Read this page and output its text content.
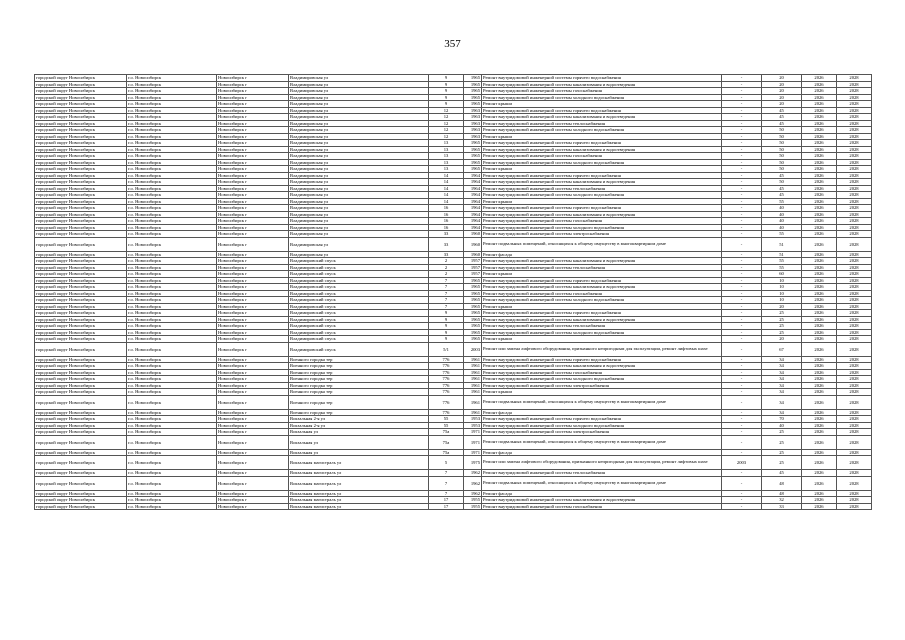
357
городской округ Новосибирск	г.о. Новосибирск	Новосибирск г	Владимировская ул	9	1965	Ремонт внутридомовой инженерной системы горячего водоснабжения	-	20	2026	2028
городской округ Новосибирск	г.о. Новосибирск	Новосибирск г	Владимировская ул	9	1965	Ремонт внутридомовой инженерной системы канализования и водоотведения	-	20	2026	2028
городской округ Новосибирск	г.о. Новосибирск	Новосибирск г	Владимировская ул	9	1965	Ремонт внутридомовой инженерной системы газоснабжения	-	20	2026	2028
городской округ Новосибирск	г.о. Новосибирск	Новосибирск г	Владимировская ул	9	1965	Ремонт внутридомовой инженерной системы холодного водоснабжения	-	20	2026	2028
городской округ Новосибирск	г.о. Новосибирск	Новосибирск г	Владимировская ул	9	1965	Ремонт крыши	-	20	2026	2028
городской округ Новосибирск	г.о. Новосибирск	Новосибирск г	Владимировская ул	12	1963	Ремонт внутридомовой инженерной системы горячего водоснабжения	-	45	2026	2028
городской округ Новосибирск	г.о. Новосибирск	Новосибирск г	Владимировская ул	12	1963	Ремонт внутридомовой инженерной системы канализования и водоотведения	-	45	2026	2028
городской округ Новосибирск	г.о. Новосибирск	Новосибирск г	Владимировская ул	12	1963	Ремонт внутридомовой инженерной системы теплоснабжения	-	45	2026	2028
городской округ Новосибирск	г.о. Новосибирск	Новосибирск г	Владимировская ул	12	1963	Ремонт внутридомовой инженерной системы холодного водоснабжения	-	50	2026	2028
городской округ Новосибирск	г.о. Новосибирск	Новосибирск г	Владимировская ул	12	1963	Ремонт крыши	-	50	2026	2028
городской округ Новосибирск	г.о. Новосибирск	Новосибирск г	Владимировская ул	13	1965	Ремонт внутридомовой инженерной системы горячего водоснабжения	-	50	2026	2028
городской округ Новосибирск	г.о. Новосибирск	Новосибирск г	Владимировская ул	13	1965	Ремонт внутридомовой инженерной системы канализования и водоотведения	-	50	2026	2028
городской округ Новосибирск	г.о. Новосибирск	Новосибирск г	Владимировская ул	13	1965	Ремонт внутридомовой инженерной системы газоснабжения	-	50	2026	2028
городской округ Новосибирск	г.о. Новосибирск	Новосибирск г	Владимировская ул	13	1965	Ремонт внутридомовой инженерной системы холодного водоснабжения	-	50	2026	2028
городской округ Новосибирск	г.о. Новосибирск	Новосибирск г	Владимировская ул	13	1965	Ремонт крыши	-	50	2026	2028
городской округ Новосибирск	г.о. Новосибирск	Новосибирск г	Владимировская ул	14	1964	Ремонт внутридомовой инженерной системы горячего водоснабжения	-	45	2026	2028
городской округ Новосибирск	г.о. Новосибирск	Новосибирск г	Владимировская ул	14	1964	Ремонт внутридомовой инженерной системы канализования и водоотведения	-	50	2026	2028
городской округ Новосибирск	г.о. Новосибирск	Новосибирск г	Владимировская ул	14	1964	Ремонт внутридомовой инженерной системы теплоснабжения	-	45	2026	2028
городской округ Новосибирск	г.о. Новосибирск	Новосибирск г	Владимировская ул	14	1964	Ремонт внутридомовой инженерной системы холодного водоснабжения	-	45	2026	2028
городской округ Новосибирск	г.о. Новосибирск	Новосибирск г	Владимировская ул	14	1964	Ремонт крыши	-	55	2026	2028
городской округ Новосибирск	г.о. Новосибирск	Новосибирск г	Владимировская ул	16	1964	Ремонт внутридомовой инженерной системы горячего водоснабжения	-	40	2026	2028
городской округ Новосибирск	г.о. Новосибирск	Новосибирск г	Владимировская ул	16	1964	Ремонт внутридомовой инженерной системы канализования и водоотведения	-	40	2026	2028
городской округ Новосибирск	г.о. Новосибирск	Новосибирск г	Владимировская ул	16	1964	Ремонт внутридомовой инженерной системы газоснабжения	-	40	2026	2028
городской округ Новосибирск	г.о. Новосибирск	Новосибирск г	Владимировская ул	16	1964	Ремонт внутридомовой инженерной системы холодного водоснабжения	-	40	2026	2028
городской округ Новосибирск	г.о. Новосибирск	Новосибирск г	Владимировская ул	33	1960	Ремонт внутридомовой инженерной системы электроснабжения	-	55	2026	2028
городской округ Новосибирск	г.о. Новосибирск	Новосибирск г	Владимировская ул	33	1960	Ремонт подвальных помещений, относящихся к общему имуществу в многоквартирном доме	-	51	2026	2028
городской округ Новосибирск	г.о. Новосибирск	Новосибирск г	Владимировская ул	33	1960	Ремонт фасада	-	51	2026	2028
городской округ Новосибирск	г.о. Новосибирск	Новосибирск г	Владимировский спуск	2	1957	Ремонт внутридомовой инженерной системы канализования и водоотведения	-	55	2026	2028
городской округ Новосибирск	г.о. Новосибирск	Новосибирск г	Владимировский спуск	2	1957	Ремонт внутридомовой инженерной системы теплоснабжения	-	55	2026	2028
городской округ Новосибирск	г.о. Новосибирск	Новосибирск г	Владимировский спуск	2	1957	Ремонт крыши	-	60	2026	2028
городской округ Новосибирск	г.о. Новосибирск	Новосибирск г	Владимировский спуск	7	1965	Ремонт внутридомовой инженерной системы горячего водоснабжения	-	10	2026	2028
городской округ Новосибирск	г.о. Новосибирск	Новосибирск г	Владимировский спуск	7	1965	Ремонт внутридомовой инженерной системы канализования и водоотведения	-	10	2026	2028
городской округ Новосибирск	г.о. Новосибирск	Новосибирск г	Владимировский спуск	7	1965	Ремонт внутридомовой инженерной системы газоснабжения	-	10	2026	2028
городской округ Новосибирск	г.о. Новосибирск	Новосибирск г	Владимировский спуск	7	1965	Ремонт внутридомовой инженерной системы холодного водоснабжения	-	10	2026	2028
городской округ Новосибирск	г.о. Новосибирск	Новосибирск г	Владимировский спуск	7	1965	Ремонт крыши	-	20	2026	2028
городской округ Новосибирск	г.о. Новосибирск	Новосибирск г	Владимировский спуск	9	1965	Ремонт внутридомовой инженерной системы горячего водоснабжения	-	25	2026	2028
городской округ Новосибирск	г.о. Новосибирск	Новосибирск г	Владимировский спуск	9	1965	Ремонт внутридомовой инженерной системы канализования и водоотведения	-	25	2026	2028
городской округ Новосибирск	г.о. Новосибирск	Новосибирск г	Владимировский спуск	9	1965	Ремонт внутридомовой инженерной системы теплоснабжения	-	25	2026	2028
городской округ Новосибирск	г.о. Новосибирск	Новосибирск г	Владимировский спуск	9	1965	Ремонт внутридомовой инженерной системы холодного водоснабжения	-	25	2026	2028
городской округ Новосибирск	г.о. Новосибирск	Новосибирск г	Владимировский спуск	9	1965	Ремонт крыши	-	20	2026	2028
городской округ Новосибирск	г.о. Новосибирск	Новосибирск г	Владимировский спуск	5/1	2003	Ремонт или замена лифтового оборудования, признанного непригодным для эксплуатации, ремонт лифтовых шахт	-	67	2026	2028
городской округ Новосибирск	г.о. Новосибирск	Новосибирск г	Военного городка тер	776	1961	Ремонт внутридомовой инженерной системы горячего водоснабжения	-	34	2026	2028
городской округ Новосибирск	г.о. Новосибирск	Новосибирск г	Военного городка тер	776	1961	Ремонт внутридомовой инженерной системы канализования и водоотведения	-	34	2026	2028
городской округ Новосибирск	г.о. Новосибирск	Новосибирск г	Военного городка тер	776	1961	Ремонт внутридомовой инженерной системы газоснабжения	-	34	2026	2028
городской округ Новосибирск	г.о. Новосибирск	Новосибирск г	Военного городка тер	776	1961	Ремонт внутридомовой инженерной системы холодного водоснабжения	-	34	2026	2028
городской округ Новосибирск	г.о. Новосибирск	Новосибирск г	Военного городка тер	776	1961	Ремонт внутридомовой инженерной системы электроснабжения	-	34	2026	2028
городской округ Новосибирск	г.о. Новосибирск	Новосибирск г	Военного городка тер	776	1961	Ремонт крыши	-	34	2026	2028
городской округ Новосибирск	г.о. Новосибирск	Новосибирск г	Военного городка тер	776	1961	Ремонт подвальных помещений, относящихся к общему имуществу в многоквартирном доме	-	34	2026	2028
городской округ Новосибирск	г.о. Новосибирск	Новосибирск г	Военного городка тер	776	1961	Ремонт фасада	-	34	2026	2028
городской округ Новосибирск	г.о. Новосибирск	Новосибирск г	Вокзальная 2-я ул	55	1953	Ремонт внутридомовой инженерной системы горячего водоснабжения	-	70	2026	2028
городской округ Новосибирск	г.о. Новосибирск	Новосибирск г	Вокзальная 2-я ул	55	1953	Ремонт внутридомовой инженерной системы холодного водоснабжения	-	40	2026	2028
городской округ Новосибирск	г.о. Новосибирск	Новосибирск г	Вокзальная ул	75а	1971	Ремонт внутридомовой инженерной системы электроснабжения	-	25	2026	2028
городской округ Новосибирск	г.о. Новосибирск	Новосибирск г	Вокзальная ул	75а	1971	Ремонт подвальных помещений, относящихся к общему имуществу в многоквартирном доме	-	25	2026	2028
городской округ Новосибирск	г.о. Новосибирск	Новосибирск г	Вокзальная ул	75а	1971	Ремонт фасада	-	25	2026	2028
городской округ Новосибирск	г.о. Новосибирск	Новосибирск г	Вокзальная магистраль ул	5	1975	Ремонт или замена лифтового оборудования, признанного непригодным для эксплуатации, ремонт лифтовых шахт	2003	25	2026	2028
городской округ Новосибирск	г.о. Новосибирск	Новосибирск г	Вокзальная магистраль ул	7	1962	Ремонт внутридомовой инженерной системы теплоснабжения	-	45	2026	2028
городской округ Новосибирск	г.о. Новосибирск	Новосибирск г	Вокзальная магистраль ул	7	1962	Ремонт подвальных помещений, относящихся к общему имуществу в многоквартирном доме	-	48	2026	2028
городской округ Новосибирск	г.о. Новосибирск	Новосибирск г	Вокзальная магистраль ул	7	1962	Ремонт фасада	-	48	2026	2028
городской округ Новосибирск	г.о. Новосибирск	Новосибирск г	Вокзальная магистраль ул	17	1955	Ремонт внутридомовой инженерной системы канализования и водоотведения	-	32	2026	2028
городской округ Новосибирск	г.о. Новосибирск	Новосибирск г	Вокзальная магистраль ул	17	1955	Ремонт внутридомовой инженерной системы газоснабжения	-	33	2026	2028
